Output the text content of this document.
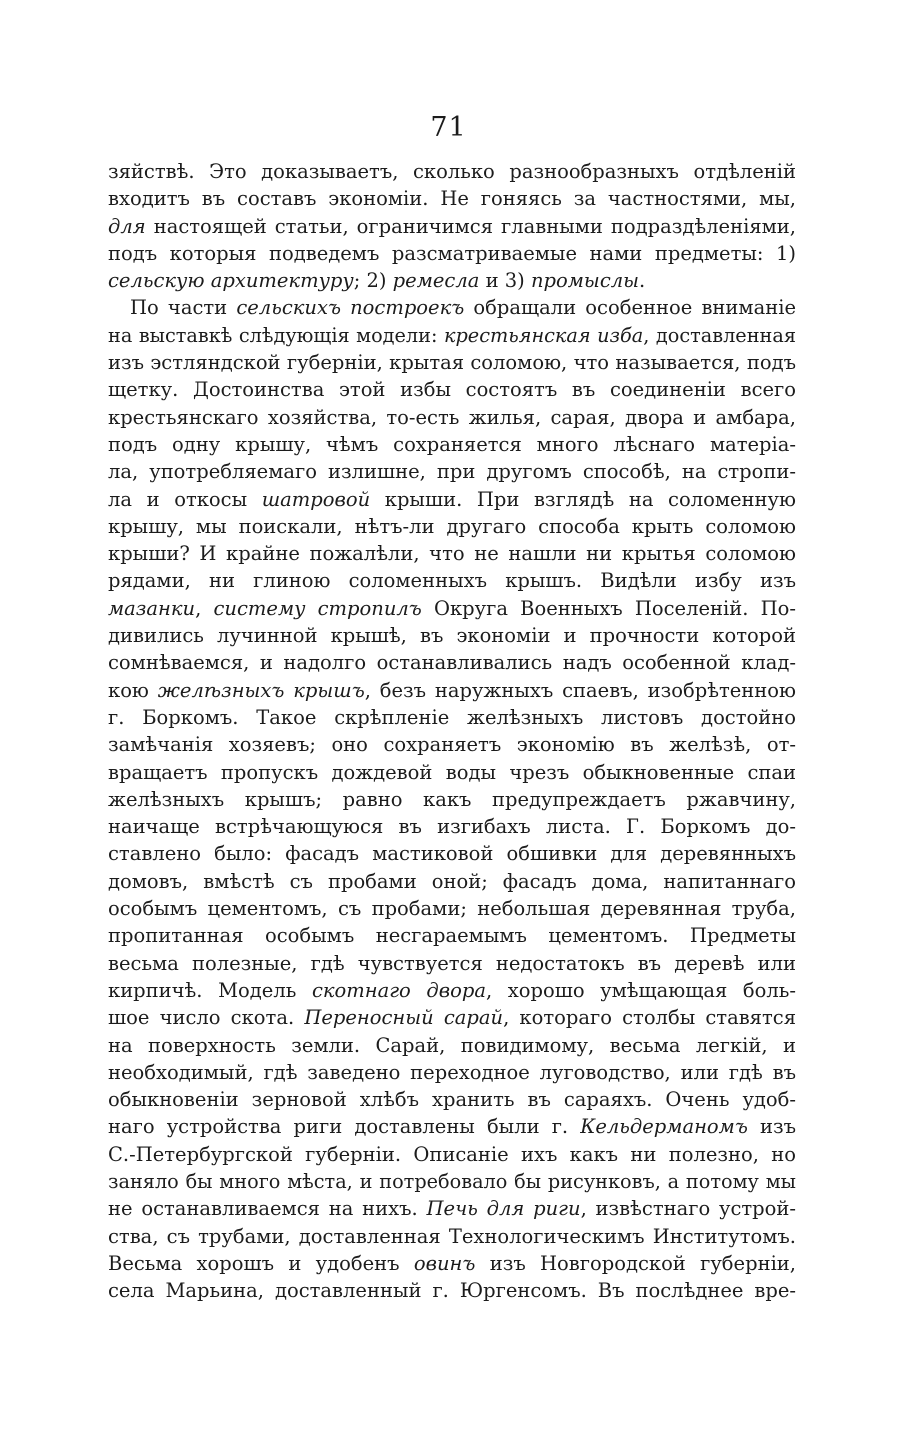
71
зяйствѣ. Это доказываетъ, сколько разнообразныхъ отдѣленій
входитъ въ составъ экономіи. Не гоняясь за частностями, мы,
для настоящей статьи, ограничимся главными подраздѣленіями,
подъ которыя подведемъ разсматриваемые нами предметы: 1)
сельскую архитектуру; 2) ремесла и 3) промыслы.
По части сельскихъ построекъ обращали особенное вниманіе
на выставкѣ слѣдующія модели: крестьянская изба, доставленная
изъ эстляндской губерніи, крытая соломою, что называется, подъ
щетку. Достоинства этой избы состоятъ въ соединеніи всего
крестьянскаго хозяйства, то-есть жилья, сарая, двора и амбара,
подъ одну крышу, чѣмъ сохраняется много лѣснаго матеріа-
ла, употребляемаго излишне, при другомъ способѣ, на стропи-
ла и откосы шатровой крыши. При взглядѣ на соломенную
крышу, мы поискали, нѣтъ-ли другаго способа крыть соломою
крыши? И крайне пожалѣли, что не нашли ни крытья соломою
рядами, ни глиною соломенныхъ крышъ. Видѣли избу изъ
мазанки, систему стропилъ Округа Военныхъ Поселеній. По-
дивились лучинной крышѣ, въ экономіи и прочности которой
сомнѣваемся, и надолго останавливались надъ особенной клад-
кою желѣзныхъ крышъ, безъ наружныхъ спаевъ, изобрѣтенною
г. Боркомъ. Такое скрѣпленіе желѣзныхъ листовъ достойно
замѣчанія хозяевъ; оно сохраняетъ экономію въ желѣзѣ, от-
вращаетъ пропускъ дождевой воды чрезъ обыкновенные спаи
желѣзныхъ крышъ; равно какъ предупреждаетъ ржавчину,
наичаще встрѣчающуюся въ изгибахъ листа. Г. Боркомъ до-
ставлено было: фасадъ мастиковой обшивки для деревянныхъ
домовъ, вмѣстѣ съ пробами оной; фасадъ дома, напитаннаго
особымъ цементомъ, съ пробами; небольшая деревянная труба,
пропитанная особымъ несгараемымъ цементомъ. Предметы
весьма полезные, гдѣ чувствуется недостатокъ въ деревѣ или
кирпичѣ. Модель скотнаго двора, хорошо умѣщающая боль-
шое число скота. Переносный сарай, котораго столбы ставятся
на поверхность земли. Сарай, повидимому, весьма легкій, и
необходимый, гдѣ заведено переходное луговодство, или гдѣ въ
обыкновеніи зерновой хлѣбъ хранить въ сараяхъ. Очень удоб-
наго устройства риги доставлены были г. Кельдерманомъ изъ
С.-Петербургской губерніи. Описаніе ихъ какъ ни полезно, но
заняло бы много мѣста, и потребовало бы рисунковъ, а потому мы
не останавливаемся на нихъ. Печь для риги, извѣстнаго устрой-
ства, съ трубами, доставленная Технологическимъ Институтомъ.
Весьма хорошъ и удобенъ овинъ изъ Новгородской губерніи,
села Марьина, доставленный г. Юргенсомъ. Въ послѣднее вре-
